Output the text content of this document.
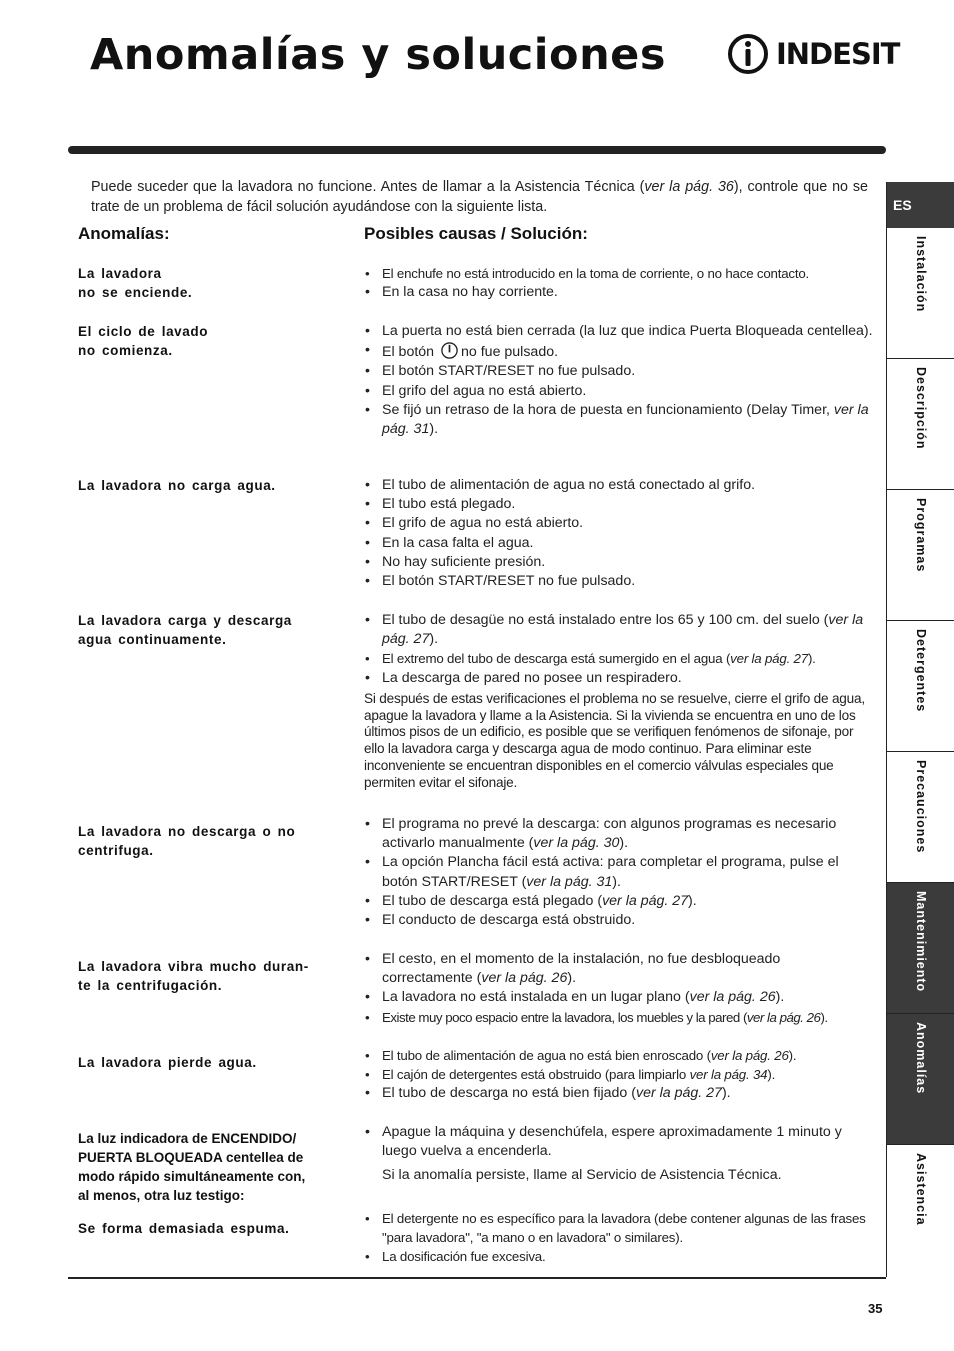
Anomalías y soluciones	INDESIT

Puede suceder que la lavadora no funcione. Antes de llamar a la Asistencia Técnica (ver la pág. 36), controle que no se trate de un problema de fácil solución ayudándose con la siguiente lista.

Anomalías:	Posibles causas / Solución:

La lavadora
no se enciende.

El ciclo de lavado
no comienza.

La lavadora no carga agua.

La lavadora carga y descarga
agua continuamente.

La lavadora no descarga o no
centrifuga.

La lavadora vibra mucho duran-
te la centrifugación.

La lavadora pierde agua.

La luz indicadora de ENCENDIDO/
PUERTA BLOQUEADA centellea de
modo rápido simultáneamente con,
al menos, otra luz testigo:

Se forma demasiada espuma.

• El enchufe no está introducido en la toma de corriente, o no hace contacto.
• En la casa no hay corriente.
• La puerta no está bien cerrada (la luz que indica Puerta Bloqueada centellea).
• El botón no fue pulsado.
• El botón START/RESET no fue pulsado.
• El grifo del agua no está abierto.
• Se fijó un retraso de la hora de puesta en funcionamiento (Delay Timer, ver la pág. 31).
• El tubo de alimentación de agua no está conectado al grifo.
• El tubo está plegado.
• El grifo de agua no está abierto.
• En la casa falta el agua.
• No hay suficiente presión.
• El botón START/RESET no fue pulsado.
• El tubo de desagüe no está instalado entre los 65 y 100 cm. del suelo (ver la pág. 27).
• El extremo del tubo de descarga está sumergido en el agua (ver la pág. 27).
• La descarga de pared no posee un respiradero.

Si después de estas verificaciones el problema no se resuelve, cierre el grifo de agua, apague la lavadora y llame a la Asistencia. Si la vivienda se encuentra en uno de los últimos pisos de un edificio, es posible que se verifiquen fenómenos de sifonaje, por ello la lavadora carga y descarga agua de modo continuo. Para eliminar este inconveniente se encuentran disponibles en el comercio válvulas especiales que permiten evitar el sifonaje.

• El programa no prevé la descarga: con algunos programas es necesario activarlo manualmente (ver la pág. 30).
• La opción Plancha fácil está activa: para completar el programa, pulse el botón START/RESET (ver la pág. 31).
• El tubo de descarga está plegado (ver la pág. 27).
• El conducto de descarga está obstruido.
• El cesto, en el momento de la instalación, no fue desbloqueado correctamente (ver la pág. 26).
• La lavadora no está instalada en un lugar plano (ver la pág. 26).
• Existe muy poco espacio entre la lavadora, los muebles y la pared (ver la pág. 26).
• El tubo de alimentación de agua no está bien enroscado (ver la pág. 26).
• El cajón de detergentes está obstruido (para limpiarlo ver la pág. 34).
• El tubo de descarga no está bien fijado (ver la pág. 27).
• Apague la máquina y desenchúfela, espere aproximadamente 1 minuto y luego vuelva a encenderla.

Si la anomalía persiste, llame al Servicio de Asistencia Técnica.

• El detergente no es específico para la lavadora (debe contener algunas de las frases "para lavadora", "a mano o en lavadora" o similares).
• La dosificación fue excesiva.

35

ES
Instalación
Descripción
Programas
Detergentes
Precauciones
Mantenimiento
Anomalías
Asistencia
